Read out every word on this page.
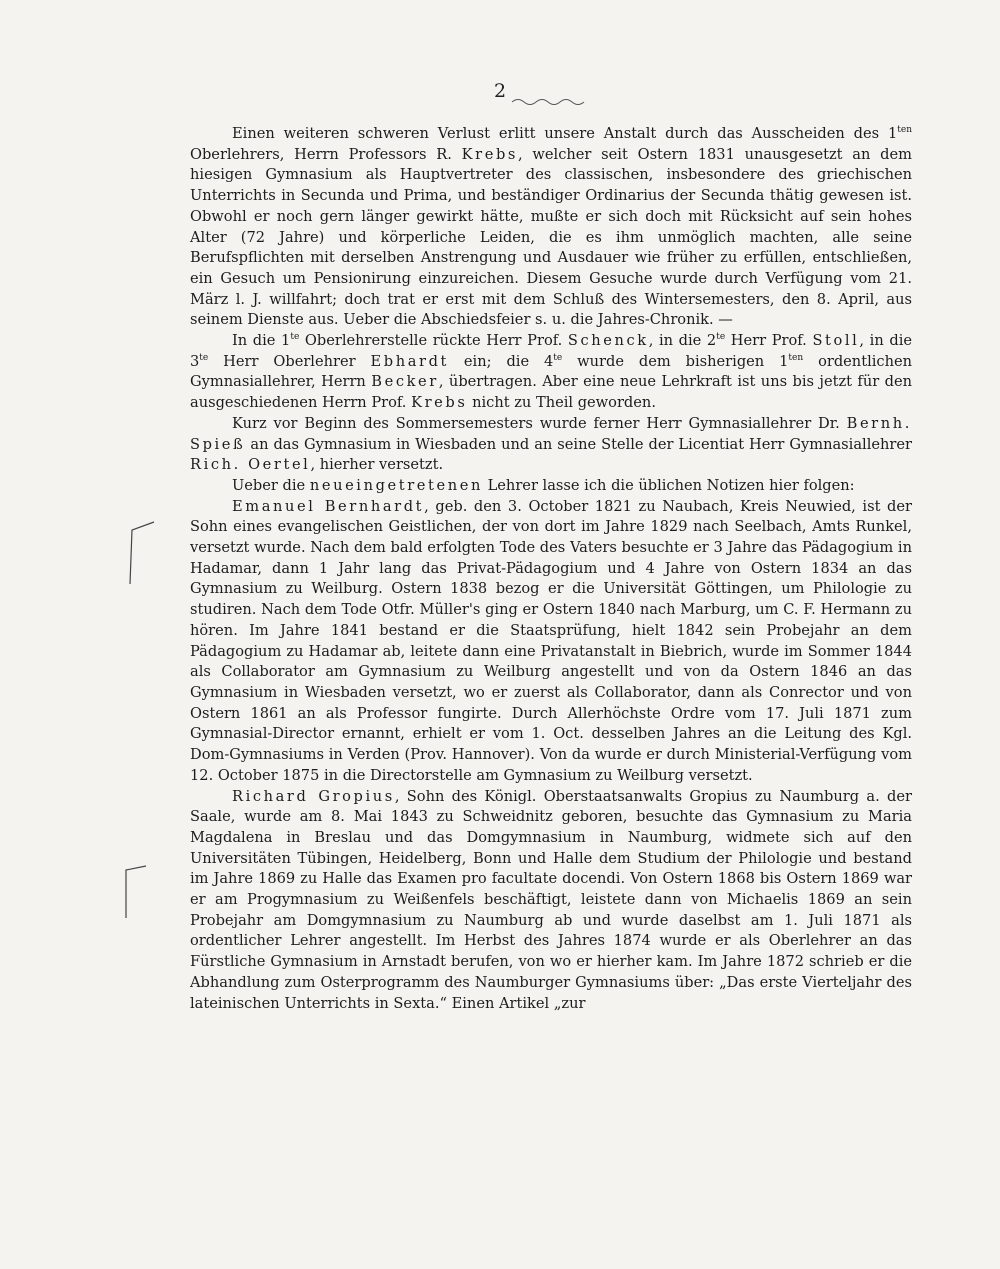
2

Einen weiteren schweren Verlust erlitt unsere Anstalt durch das Ausscheiden des $1^{ten}$ Oberlehrers, Herrn Professors R. Krebs, welcher seit Ostern 1831 unausgesetzt an dem hiesigen Gymnasium als Hauptvertreter des classischen, insbesondere des griechischen Unterrichts in Secunda und Prima, und beständiger Ordinarius der Secunda thätig gewesen ist. Obwohl er noch gern länger gewirkt hätte, mußte er sich doch mit Rücksicht auf sein hohes Alter (72 Jahre) und körperliche Leiden, die es ihm unmöglich machten, alle seine Berufspflichten mit derselben Anstrengung und Ausdauer wie früher zu erfüllen, entschließen, ein Gesuch um Pensionirung einzureichen. Diesem Gesuche wurde durch Verfügung vom 21. März l. J. willfahrt; doch trat er erst mit dem Schluß des Wintersemesters, den 8. April, aus seinem Dienste aus. Ueber die Abschiedsfeier s. u. die Jahres-Chronik. —

In die $1^{te}$ Oberlehrerstelle rückte Herr Prof. Schenck, in die $2^{te}$ Herr Prof. Stoll, in die $3^{te}$ Herr Oberlehrer Ebhardt ein; die $4^{te}$ wurde dem bisherigen $1^{ten}$ ordentlichen Gymnasiallehrer, Herrn Becker, übertragen. Aber eine neue Lehrkraft ist uns bis jetzt für den ausgeschiedenen Herrn Prof. Krebs nicht zu Theil geworden.

Kurz vor Beginn des Sommersemesters wurde ferner Herr Gymnasiallehrer Dr. Bernh. Spieß an das Gymnasium in Wiesbaden und an seine Stelle der Licentiat Herr Gymnasiallehrer Rich. Oertel, hierher versetzt.

Ueber die neueingetretenen Lehrer lasse ich die üblichen Notizen hier folgen:

Emanuel Bernhardt, geb. den 3. October 1821 zu Naubach, Kreis Neuwied, ist der Sohn eines evangelischen Geistlichen, der von dort im Jahre 1829 nach Seelbach, Amts Runkel, versetzt wurde. Nach dem bald erfolgten Tode des Vaters besuchte er 3 Jahre das Pädagogium in Hadamar, dann 1 Jahr lang das Privat-Pädagogium und 4 Jahre von Ostern 1834 an das Gymnasium zu Weilburg. Ostern 1838 bezog er die Universität Göttingen, um Philologie zu studiren. Nach dem Tode Otfr. Müller's ging er Ostern 1840 nach Marburg, um C. F. Hermann zu hören. Im Jahre 1841 bestand er die Staatsprüfung, hielt 1842 sein Probejahr an dem Pädagogium zu Hadamar ab, leitete dann eine Privatanstalt in Biebrich, wurde im Sommer 1844 als Collaborator am Gymnasium zu Weilburg angestellt und von da Ostern 1846 an das Gymnasium in Wiesbaden versetzt, wo er zuerst als Collaborator, dann als Conrector und von Ostern 1861 an als Professor fungirte. Durch Allerhöchste Ordre vom 17. Juli 1871 zum Gymnasial-Director ernannt, erhielt er vom 1. Oct. desselben Jahres an die Leitung des Kgl. Dom-Gymnasiums in Verden (Prov. Hannover). Von da wurde er durch Ministerial-Verfügung vom 12. October 1875 in die Directorstelle am Gymnasium zu Weilburg versetzt.

Richard Gropius, Sohn des Königl. Oberstaatsanwalts Gropius zu Naumburg a. der Saale, wurde am 8. Mai 1843 zu Schweidnitz geboren, besuchte das Gymnasium zu Maria Magdalena in Breslau und das Domgymnasium in Naumburg, widmete sich auf den Universitäten Tübingen, Heidelberg, Bonn und Halle dem Studium der Philologie und bestand im Jahre 1869 zu Halle das Examen pro facultate docendi. Von Ostern 1868 bis Ostern 1869 war er am Progymnasium zu Weißenfels beschäftigt, leistete dann von Michaelis 1869 an sein Probejahr am Domgymnasium zu Naumburg ab und wurde daselbst am 1. Juli 1871 als ordentlicher Lehrer angestellt. Im Herbst des Jahres 1874 wurde er als Oberlehrer an das Fürstliche Gymnasium in Arnstadt berufen, von wo er hierher kam. Im Jahre 1872 schrieb er die Abhandlung zum Osterprogramm des Naumburger Gymnasiums über: „Das erste Vierteljahr des lateinischen Unterrichts in Sexta.“ Einen Artikel „zur
